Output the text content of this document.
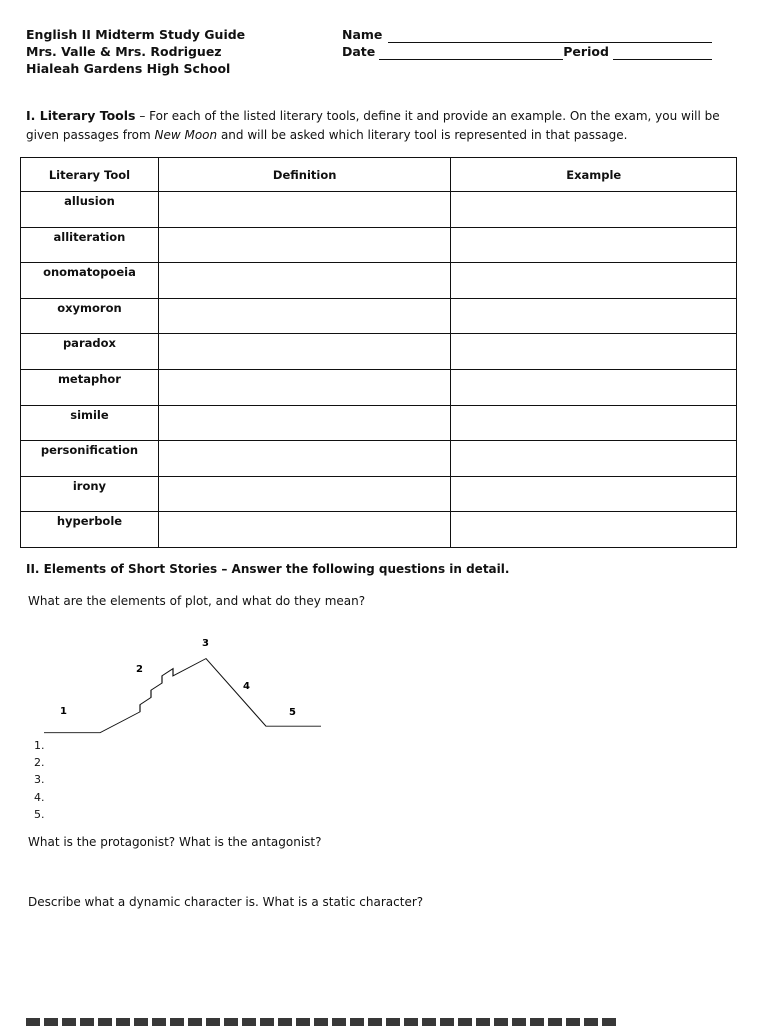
English II Midterm Study Guide
Mrs. Valle & Mrs. Rodriguez
Hialeah Gardens High School
Name
Date	Period
I. Literary Tools – For each of the listed literary tools, define it and provide an example. On the exam, you will be given passages from New Moon and will be asked which literary tool is represented in that passage.
Literary Tool	Definition	Example
allusion		
alliteration		
onomatopoeia		
oxymoron		
paradox		
metaphor		
simile		
personification		
irony		
hyperbole		
II. Elements of Short Stories – Answer the following questions in detail.
What are the elements of plot, and what do they mean?
1
2
3
4
5
What is the protagonist? What is the antagonist?
Describe what a dynamic character is. What is a static character?
